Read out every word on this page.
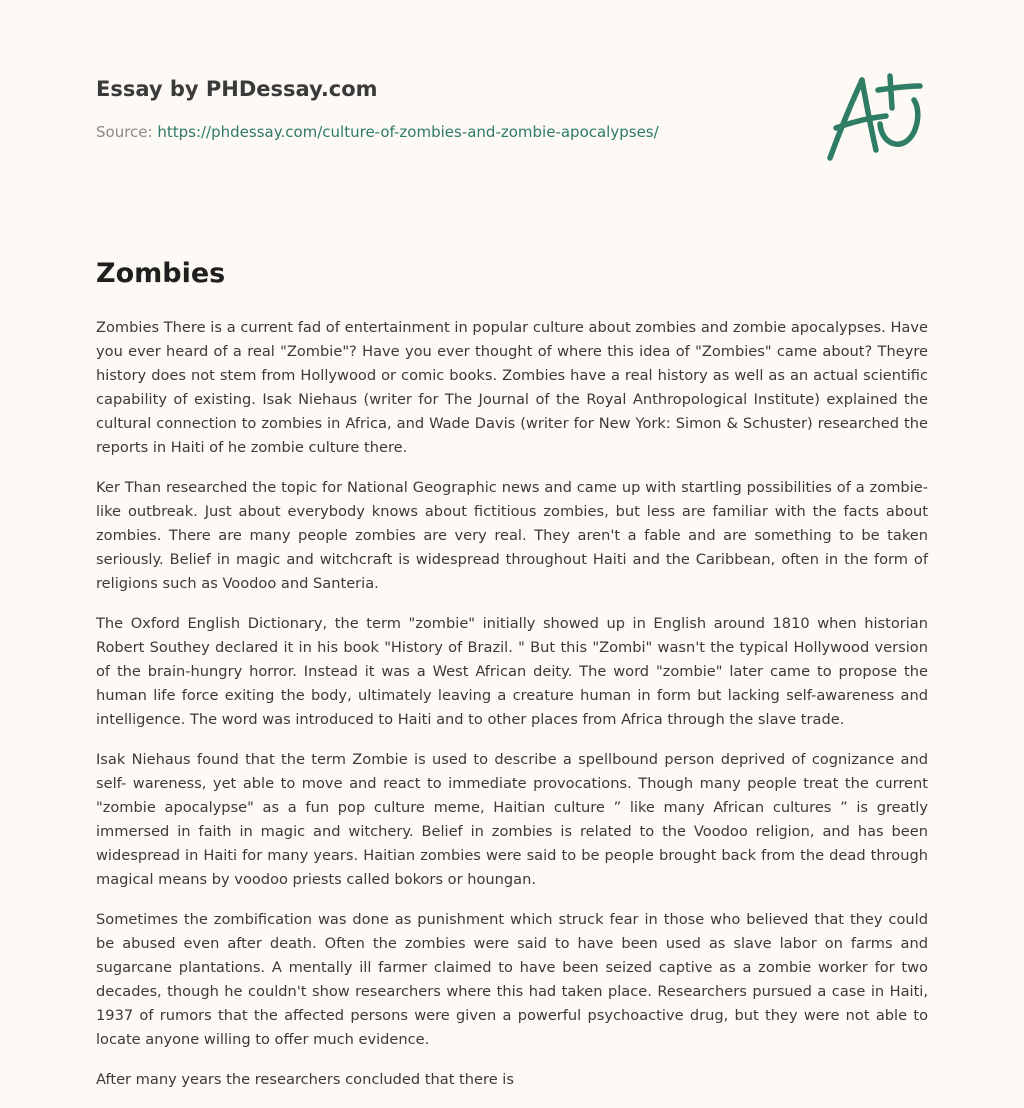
Essay by PHDessay.com
Source: https://phdessay.com/culture-of-zombies-and-zombie-apocalypses/
Zombies

Zombies There is a current fad of entertainment in popular culture about zombies and zombie apocalypses. Have you ever heard of a real "Zombie"? Have you ever thought of where this idea of "Zombies" came about? Theyre history does not stem from Hollywood or comic books. Zombies have a real history as well as an actual scientific capability of existing. Isak Niehaus (writer for The Journal of the Royal Anthropological Institute) explained the cultural connection to zombies in Africa, and Wade Davis (writer for New York: Simon & Schuster) researched the reports in Haiti of he zombie culture there.

Ker Than researched the topic for National Geographic news and came up with startling possibilities of a zombie-like outbreak. Just about everybody knows about fictitious zombies, but less are familiar with the facts about zombies. There are many people zombies are very real. They aren't a fable and are something to be taken seriously. Belief in magic and witchcraft is widespread throughout Haiti and the Caribbean, often in the form of religions such as Voodoo and Santeria.

The Oxford English Dictionary, the term "zombie" initially showed up in English around 1810 when historian Robert Southey declared it in his book "History of Brazil. " But this "Zombi" wasn't the typical Hollywood version of the brain-hungry horror. Instead it was a West African deity. The word "zombie" later came to propose the human life force exiting the body, ultimately leaving a creature human in form but lacking self-awareness and intelligence. The word was introduced to Haiti and to other places from Africa through the slave trade.

Isak Niehaus found that the term Zombie is used to describe a spellbound person deprived of cognizance and self- wareness, yet able to move and react to immediate provocations. Though many people treat the current "zombie apocalypse" as a fun pop culture meme, Haitian culture ” like many African cultures ” is greatly immersed in faith in magic and witchery. Belief in zombies is related to the Voodoo religion, and has been widespread in Haiti for many years. Haitian zombies were said to be people brought back from the dead through magical means by voodoo priests called bokors or houngan.

Sometimes the zombification was done as punishment which struck fear in those who believed that they could be abused even after death. Often the zombies were said to have been used as slave labor on farms and sugarcane plantations. A mentally ill farmer claimed to have been seized captive as a zombie worker for two decades, though he couldn't show researchers where this had taken place. Researchers pursued a case in Haiti, 1937 of rumors that the affected persons were given a powerful psychoactive drug, but they were not able to locate anyone willing to offer much evidence.

After many years the researchers concluded that there is
